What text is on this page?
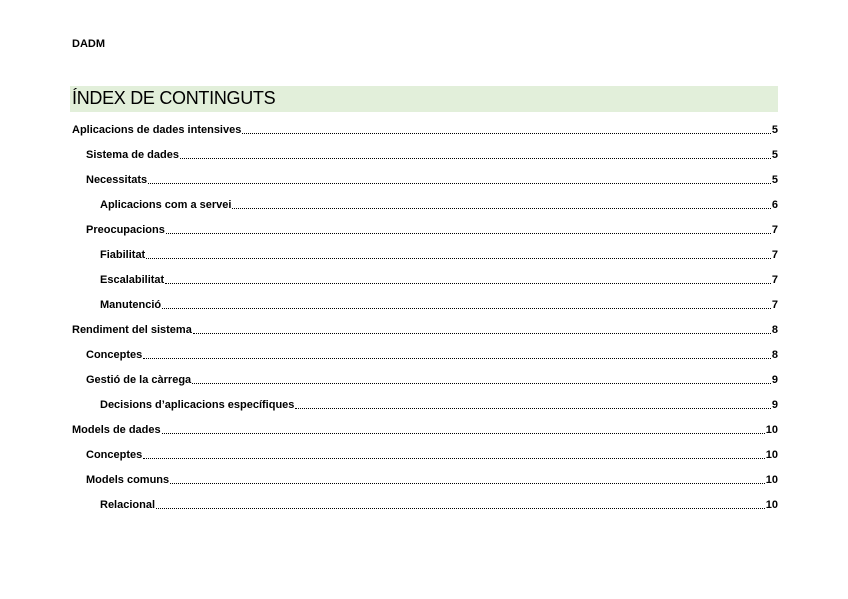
DADM
ÍNDEX DE CONTINGUTS
Aplicacions de dades intensives	5
Sistema de dades	5
Necessitats	5
Aplicacions com a servei	6
Preocupacions	7
Fiabilitat	7
Escalabilitat	7
Manutenció	7
Rendiment del sistema	8
Conceptes	8
Gestió de la càrrega	9
Decisions d’aplicacions específiques	9
Models de dades	10
Conceptes	10
Models comuns	10
Relacional	10
